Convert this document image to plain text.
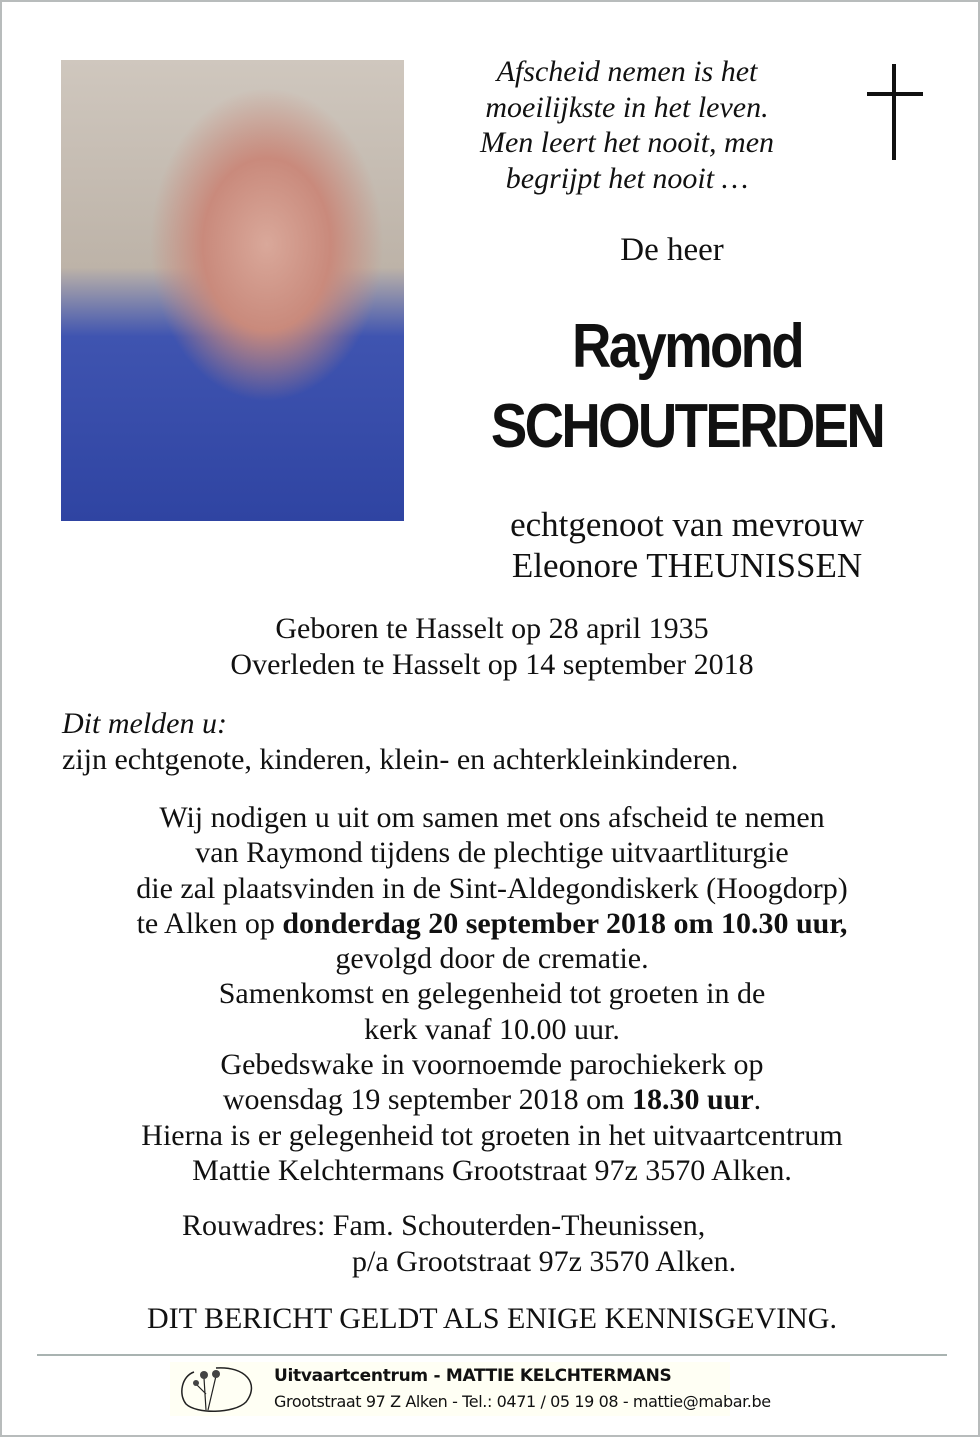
Afscheid nemen is het
moeilijkste in het leven.
Men leert het nooit, men
begrijpt het nooit …
De heer
Raymond
SCHOUTERDEN
echtgenoot van mevrouw
Eleonore THEUNISSEN
Geboren te Hasselt op 28 april 1935
Overleden te Hasselt op 14 september 2018
Dit melden u:
zijn echtgenote, kinderen, klein- en achterkleinkinderen.
Wij nodigen u uit om samen met ons afscheid te nemen
van Raymond tijdens de plechtige uitvaartliturgie
die zal plaatsvinden in de Sint-Aldegondiskerk (Hoogdorp)
te Alken op donderdag 20 september 2018 om 10.30 uur,
gevolgd door de crematie.
Samenkomst en gelegenheid tot groeten in de
kerk vanaf 10.00 uur.
Gebedswake in voornoemde parochiekerk op
woensdag 19 september 2018 om 18.30 uur.
Hierna is er gelegenheid tot groeten in het uitvaartcentrum
Mattie Kelchtermans Grootstraat 97z 3570 Alken.
Rouwadres: Fam. Schouterden-Theunissen,
p/a Grootstraat 97z 3570 Alken.
DIT BERICHT GELDT ALS ENIGE KENNISGEVING.
Uitvaartcentrum - MATTIE KELCHTERMANS
Grootstraat 97 Z Alken - Tel.: 0471 / 05 19 08 - mattie@mabar.be
